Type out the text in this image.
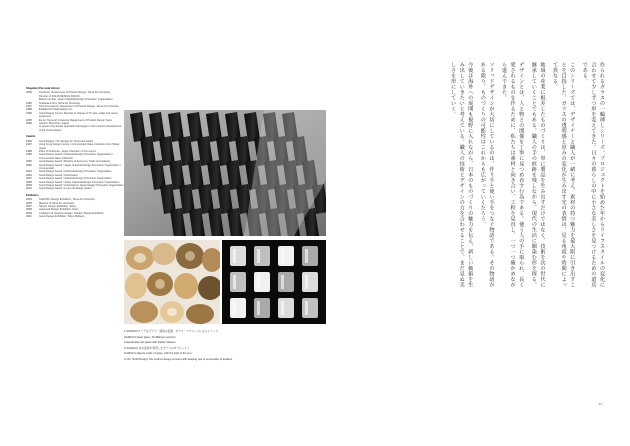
Shigefumi Personal History
2009	Professor, Department of Product Design, Tama Art University
Director of SOLID DESIGN ASSOC.
Board member, Japan Industrial Design Promotion Organization
1995	Graduated from Tama Art University
1997	Part-time lecturer, Department of Product Design, Tama Art University
1998	Established Solid Design Inc.
1999	Good Design Center, Member in charge of TV sets, audio and visual equipment
2005	Ex-Gr. Tama Art University Department of Product Design Team
2008	Good in Shenzhen, Japan
to present the design approach that began in the business development of the local industry.
Awards
1996	Good Design / Ten Design for Tomorrow Award
1997	Hong Kong Design Centre / Commended Value Collection from Nikkei Japan
1998	Prize of Chairman, Japan Chamber of Commerce
1999	Good Design Award / Industrial Design Promotion Organization / Commended Value Collection
2000	Good Design Award / Ministry of Economy, Trade and Industry
2002	Good Design Award / Japan Industrial Design Promotion Organization / Commended
2004	Good Design Award / Industrial Design Promotion Organization
2006	Good Design Award / Gold Award
2007	Good Design Award / Industrial Design Promotion Organization
2008	Good Design Award / Japan Industrial Design Promotion Organization
2009	Good Design Award / Gold Award / Japan Design Promotion Organization
2010	Good Design Award / Long Life Design Award
Exhibition
2003	SHIZUKU Design Exhibition, Tama Art University
2005	Masters of Tama Art University
2007	Nippon Design Exhibition, Tokyo
2008	Japanese Design Exhibition, Paris
2009	Collection of Superior Design, Product Design Exhibition
2010	Good Design Exhibition, Tokyo Midtown
1 SHIZUKUクリアなグラス・鋳造の花瓶、ガラス・ステンレスによるシリーズ
SHIZUKU Clear glass, 40 different versions
2 Handmade ash glass with Kaizen Wassei
3 SHIZUKU 光の屈折を利用したガラスのオブジェクト
SHIZUKU objects made of glass, with the light of the sun
In the "Solid Design" the product design concept with keeping use of personality of artisans.

作られるガラスの一輪挿しシリーズ。プロジェクトを始めた年からライフスタイルの変化に合わせて少しずつ形を変えてきた。日々の暮らしの中に小さな美しさを見つけるための道具である。

このシリーズでは、デザイナーと職人が一緒に考え、素材の持つ魅力を最大限に引き出すことを目指した。ガラスの透明感と厚みの変化が生み出す光の表情は、見る角度や時間によって異なる。

地域の産業に根差したものづくりは、単に製品を生み出すだけではなく、技術を次の世代に継承していくことでもある。職人の手の痕跡を残しながら、現代の生活に馴染む形を探る。

デザインとは、人と物との関係を丁寧に見つめ直す行為である。使う人の手に取られ、長く愛されるものを作るために、私たちは素材と向き合い、工程を見直し、一つ一つ確かめながら進んできた。

ソリッドデザインが大切にしているのは、作り手と使い手をつなぐ物語である。その物語がある限り、ものづくりの可能性はこれからも広がっていくだろう。

今後は海外への展開も視野に入れながら、日本のものづくりの魅力を伝え、新しい価値を生み出していきたいと考えている。職人の技術とデザインの力を合わせることで、まだ見ぬ美しさを形にしていく。

63
